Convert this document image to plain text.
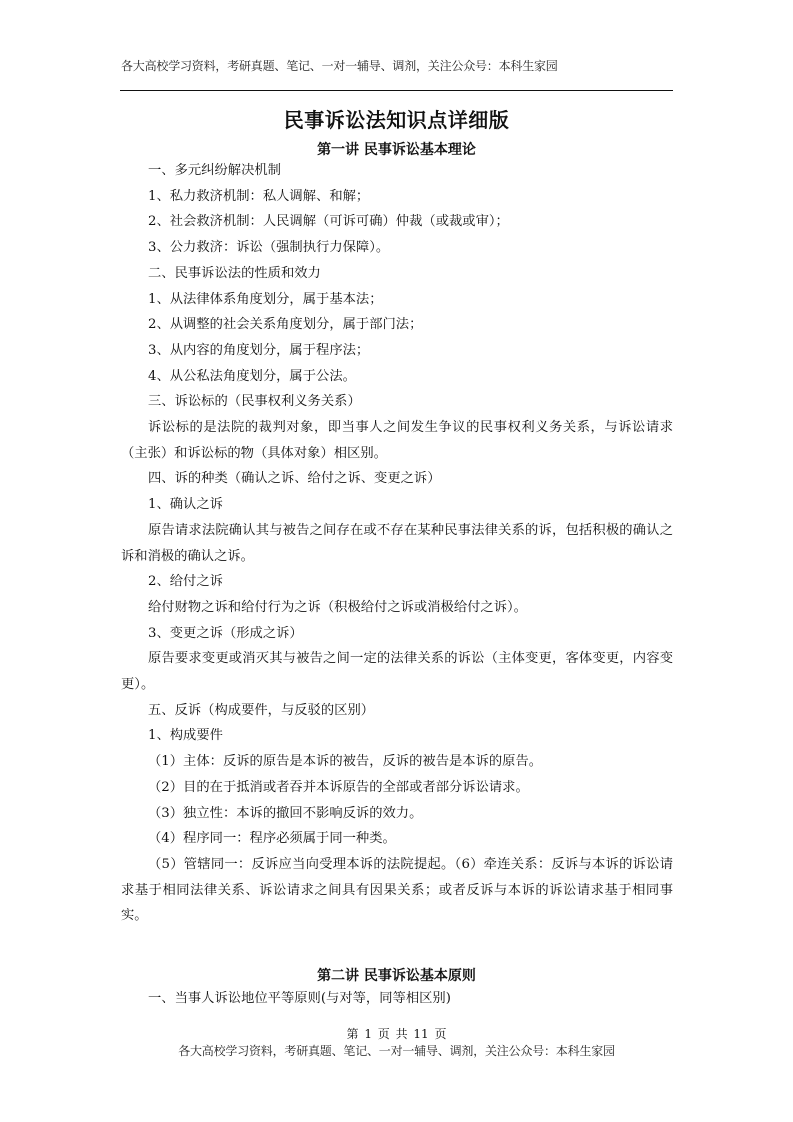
各大高校学习资料，考研真题、笔记、一对一辅导、调剂，关注公众号：本科生家园
民事诉讼法知识点详细版
第一讲 民事诉讼基本理论

一、多元纠纷解决机制

1、私力救济机制：私人调解、和解；

2、社会救济机制：人民调解（可诉可确）仲裁（或裁或审）；

3、公力救济：诉讼（强制执行力保障）。

二、民事诉讼法的性质和效力

1、从法律体系角度划分，属于基本法；

2、从调整的社会关系角度划分，属于部门法；

3、从内容的角度划分，属于程序法；

4、从公私法角度划分，属于公法。

三、诉讼标的（民事权利义务关系）

诉讼标的是法院的裁判对象，即当事人之间发生争议的民事权利义务关系，与诉讼请求（主张）和诉讼标的物（具体对象）相区别。

四、诉的种类（确认之诉、给付之诉、变更之诉）

1、确认之诉

原告请求法院确认其与被告之间存在或不存在某种民事法律关系的诉，包括积极的确认之诉和消极的确认之诉。

2、给付之诉

给付财物之诉和给付行为之诉（积极给付之诉或消极给付之诉）。

3、变更之诉（形成之诉）

原告要求变更或消灭其与被告之间一定的法律关系的诉讼（主体变更，客体变更，内容变更）。

五、反诉（构成要件，与反驳的区别）

1、构成要件

（1）主体：反诉的原告是本诉的被告，反诉的被告是本诉的原告。

（2）目的在于抵消或者吞并本诉原告的全部或者部分诉讼请求。

（3）独立性：本诉的撤回不影响反诉的效力。

（4）程序同一：程序必须属于同一种类。

（5）管辖同一：反诉应当向受理本诉的法院提起。（6）牵连关系：反诉与本诉的诉讼请求基于相同法律关系、诉讼请求之间具有因果关系；或者反诉与本诉的诉讼请求基于相同事实。

第二讲 民事诉讼基本原则

一、当事人诉讼地位平等原则(与对等，同等相区别)

第 1 页 共 11 页
各大高校学习资料，考研真题、笔记、一对一辅导、调剂，关注公众号：本科生家园
